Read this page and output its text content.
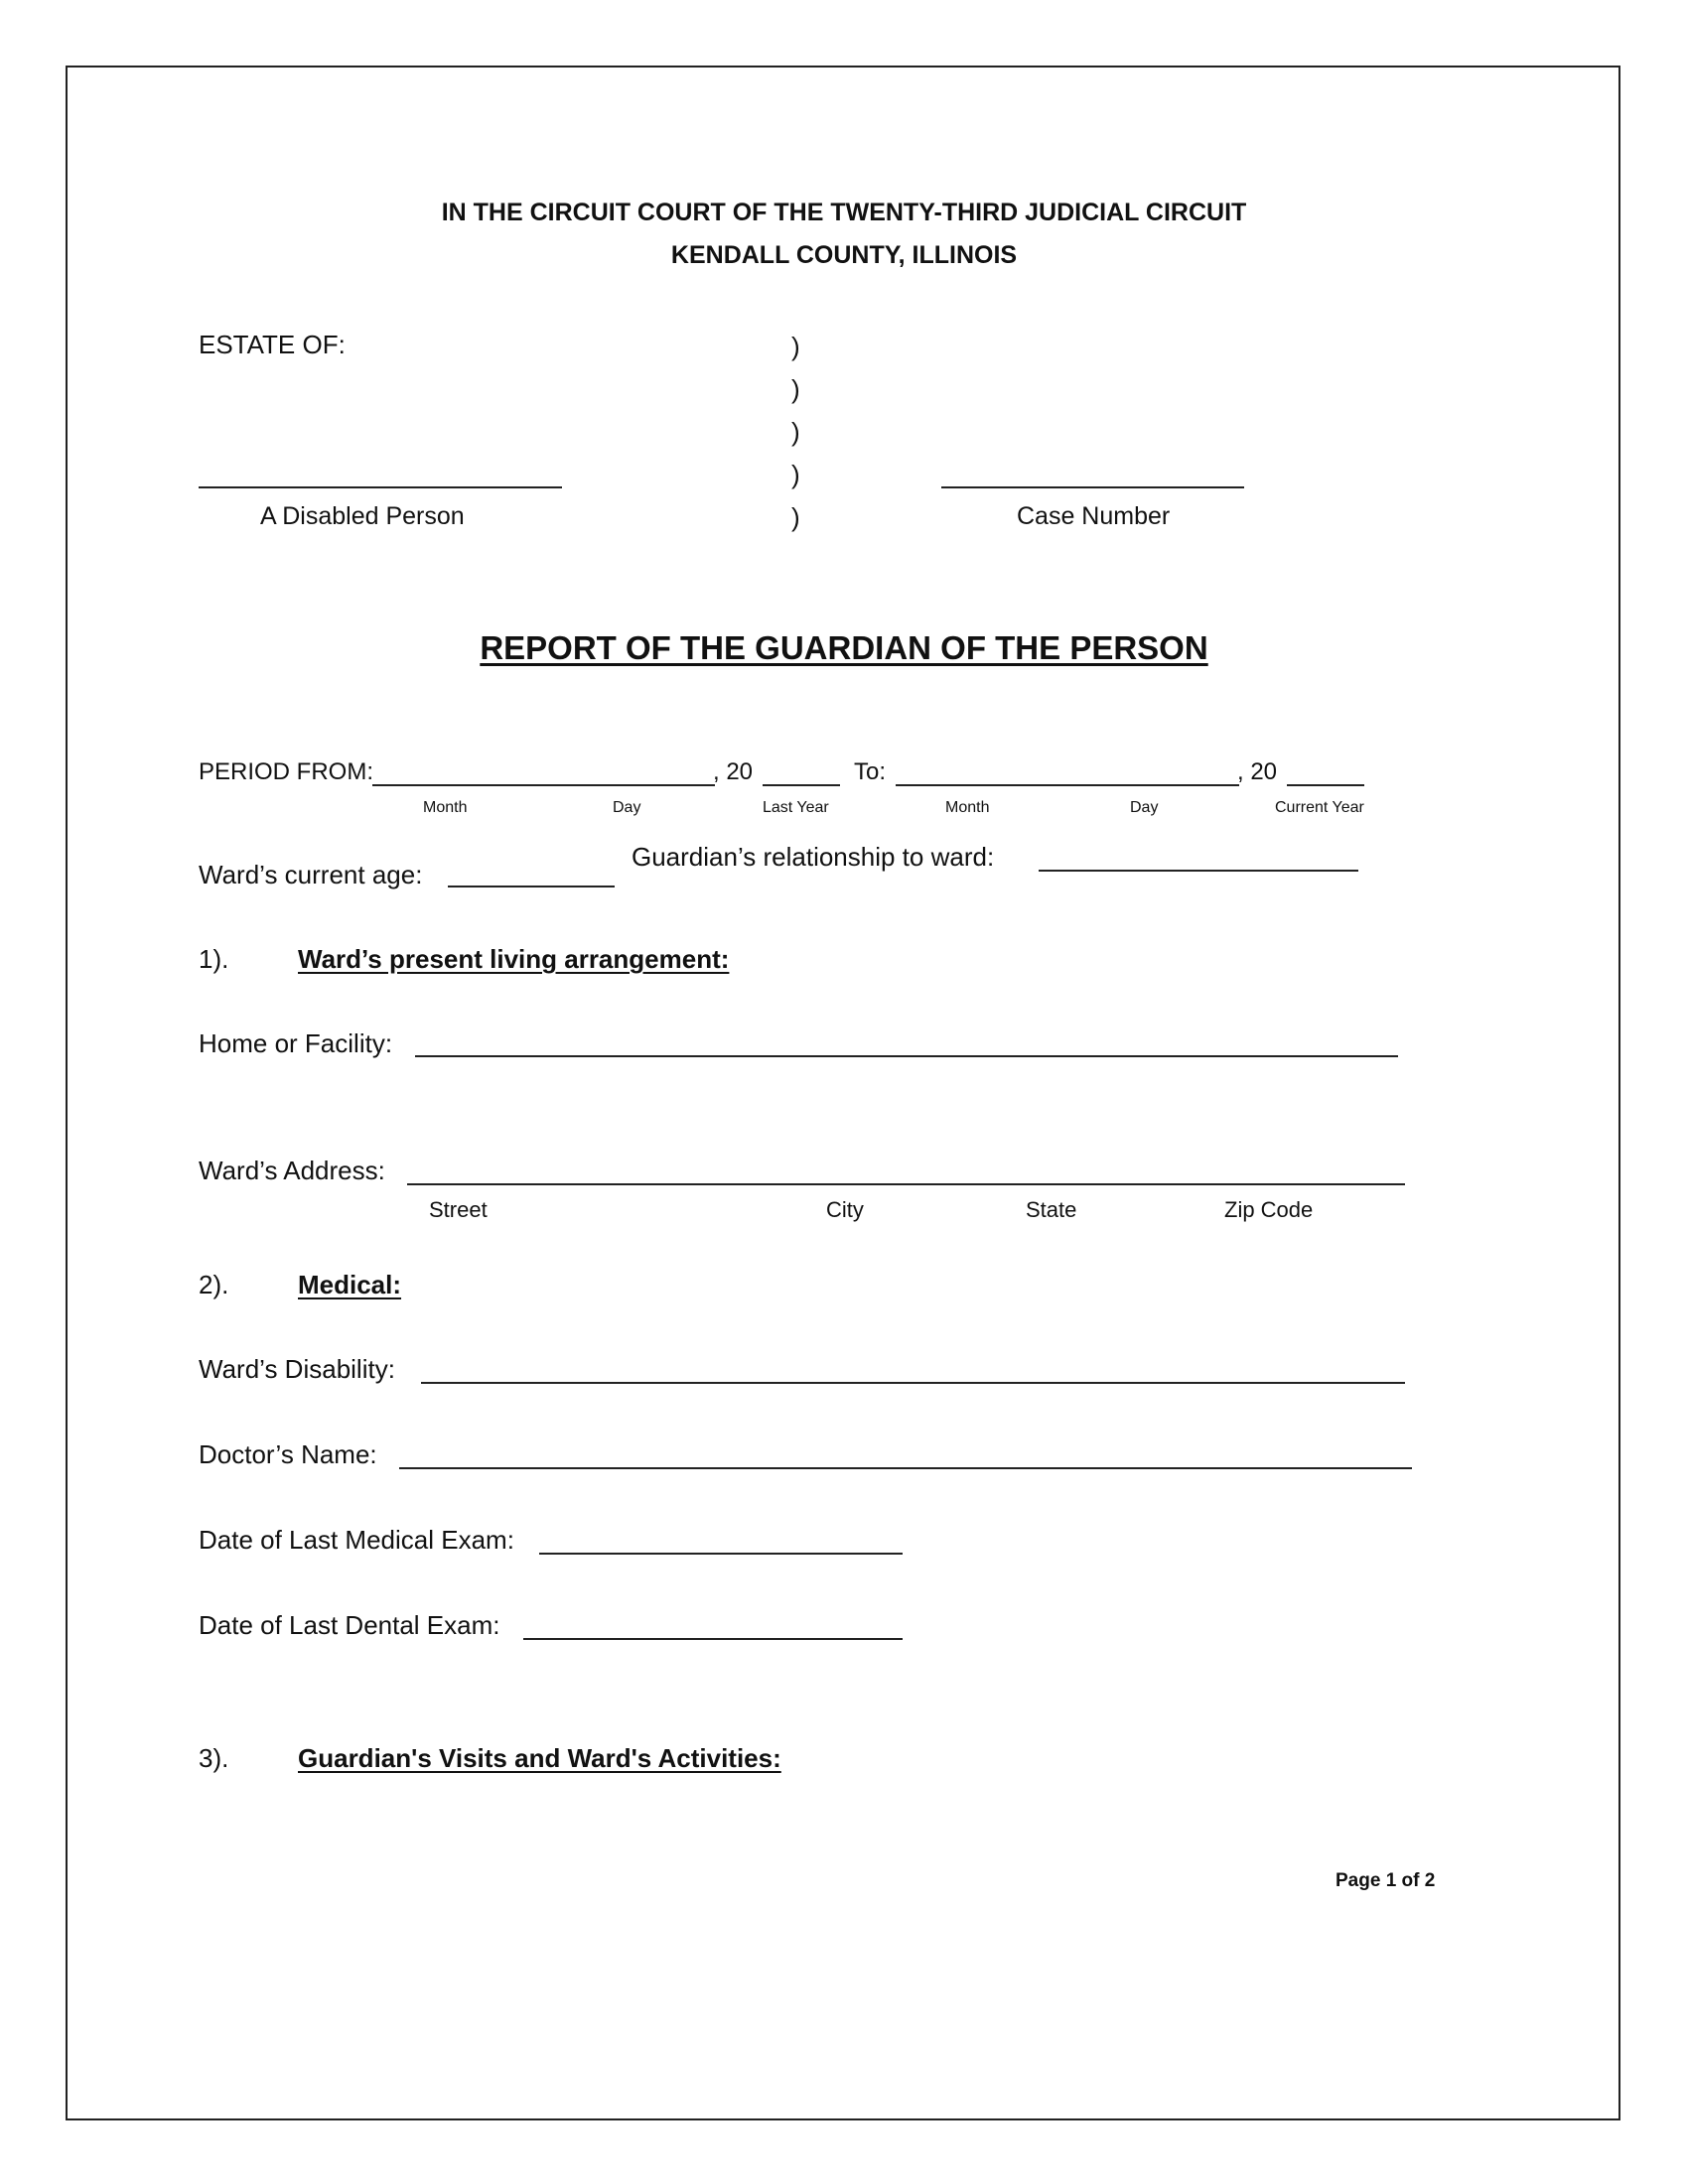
IN THE CIRCUIT COURT OF THE TWENTY-THIRD JUDICIAL CIRCUIT
KENDALL COUNTY, ILLINOIS
ESTATE OF:	)
)
)
)
)
A Disabled Person	Case Number
REPORT OF THE GUARDIAN OF THE PERSON
PERIOD FROM:	, 20	To:	, 20
Month	Day	Last Year	Month	Day	Current Year
Ward’s current age:
Guardian’s relationship to ward:
1).	Ward’s present living arrangement:
Home or Facility:
Ward’s Address:
Street	City	State	Zip Code
2).	Medical:
Ward’s Disability:
Doctor’s Name:
Date of Last Medical Exam:
Date of Last Dental Exam:
3).	Guardian's Visits and Ward's Activities:
Page 1 of 2
